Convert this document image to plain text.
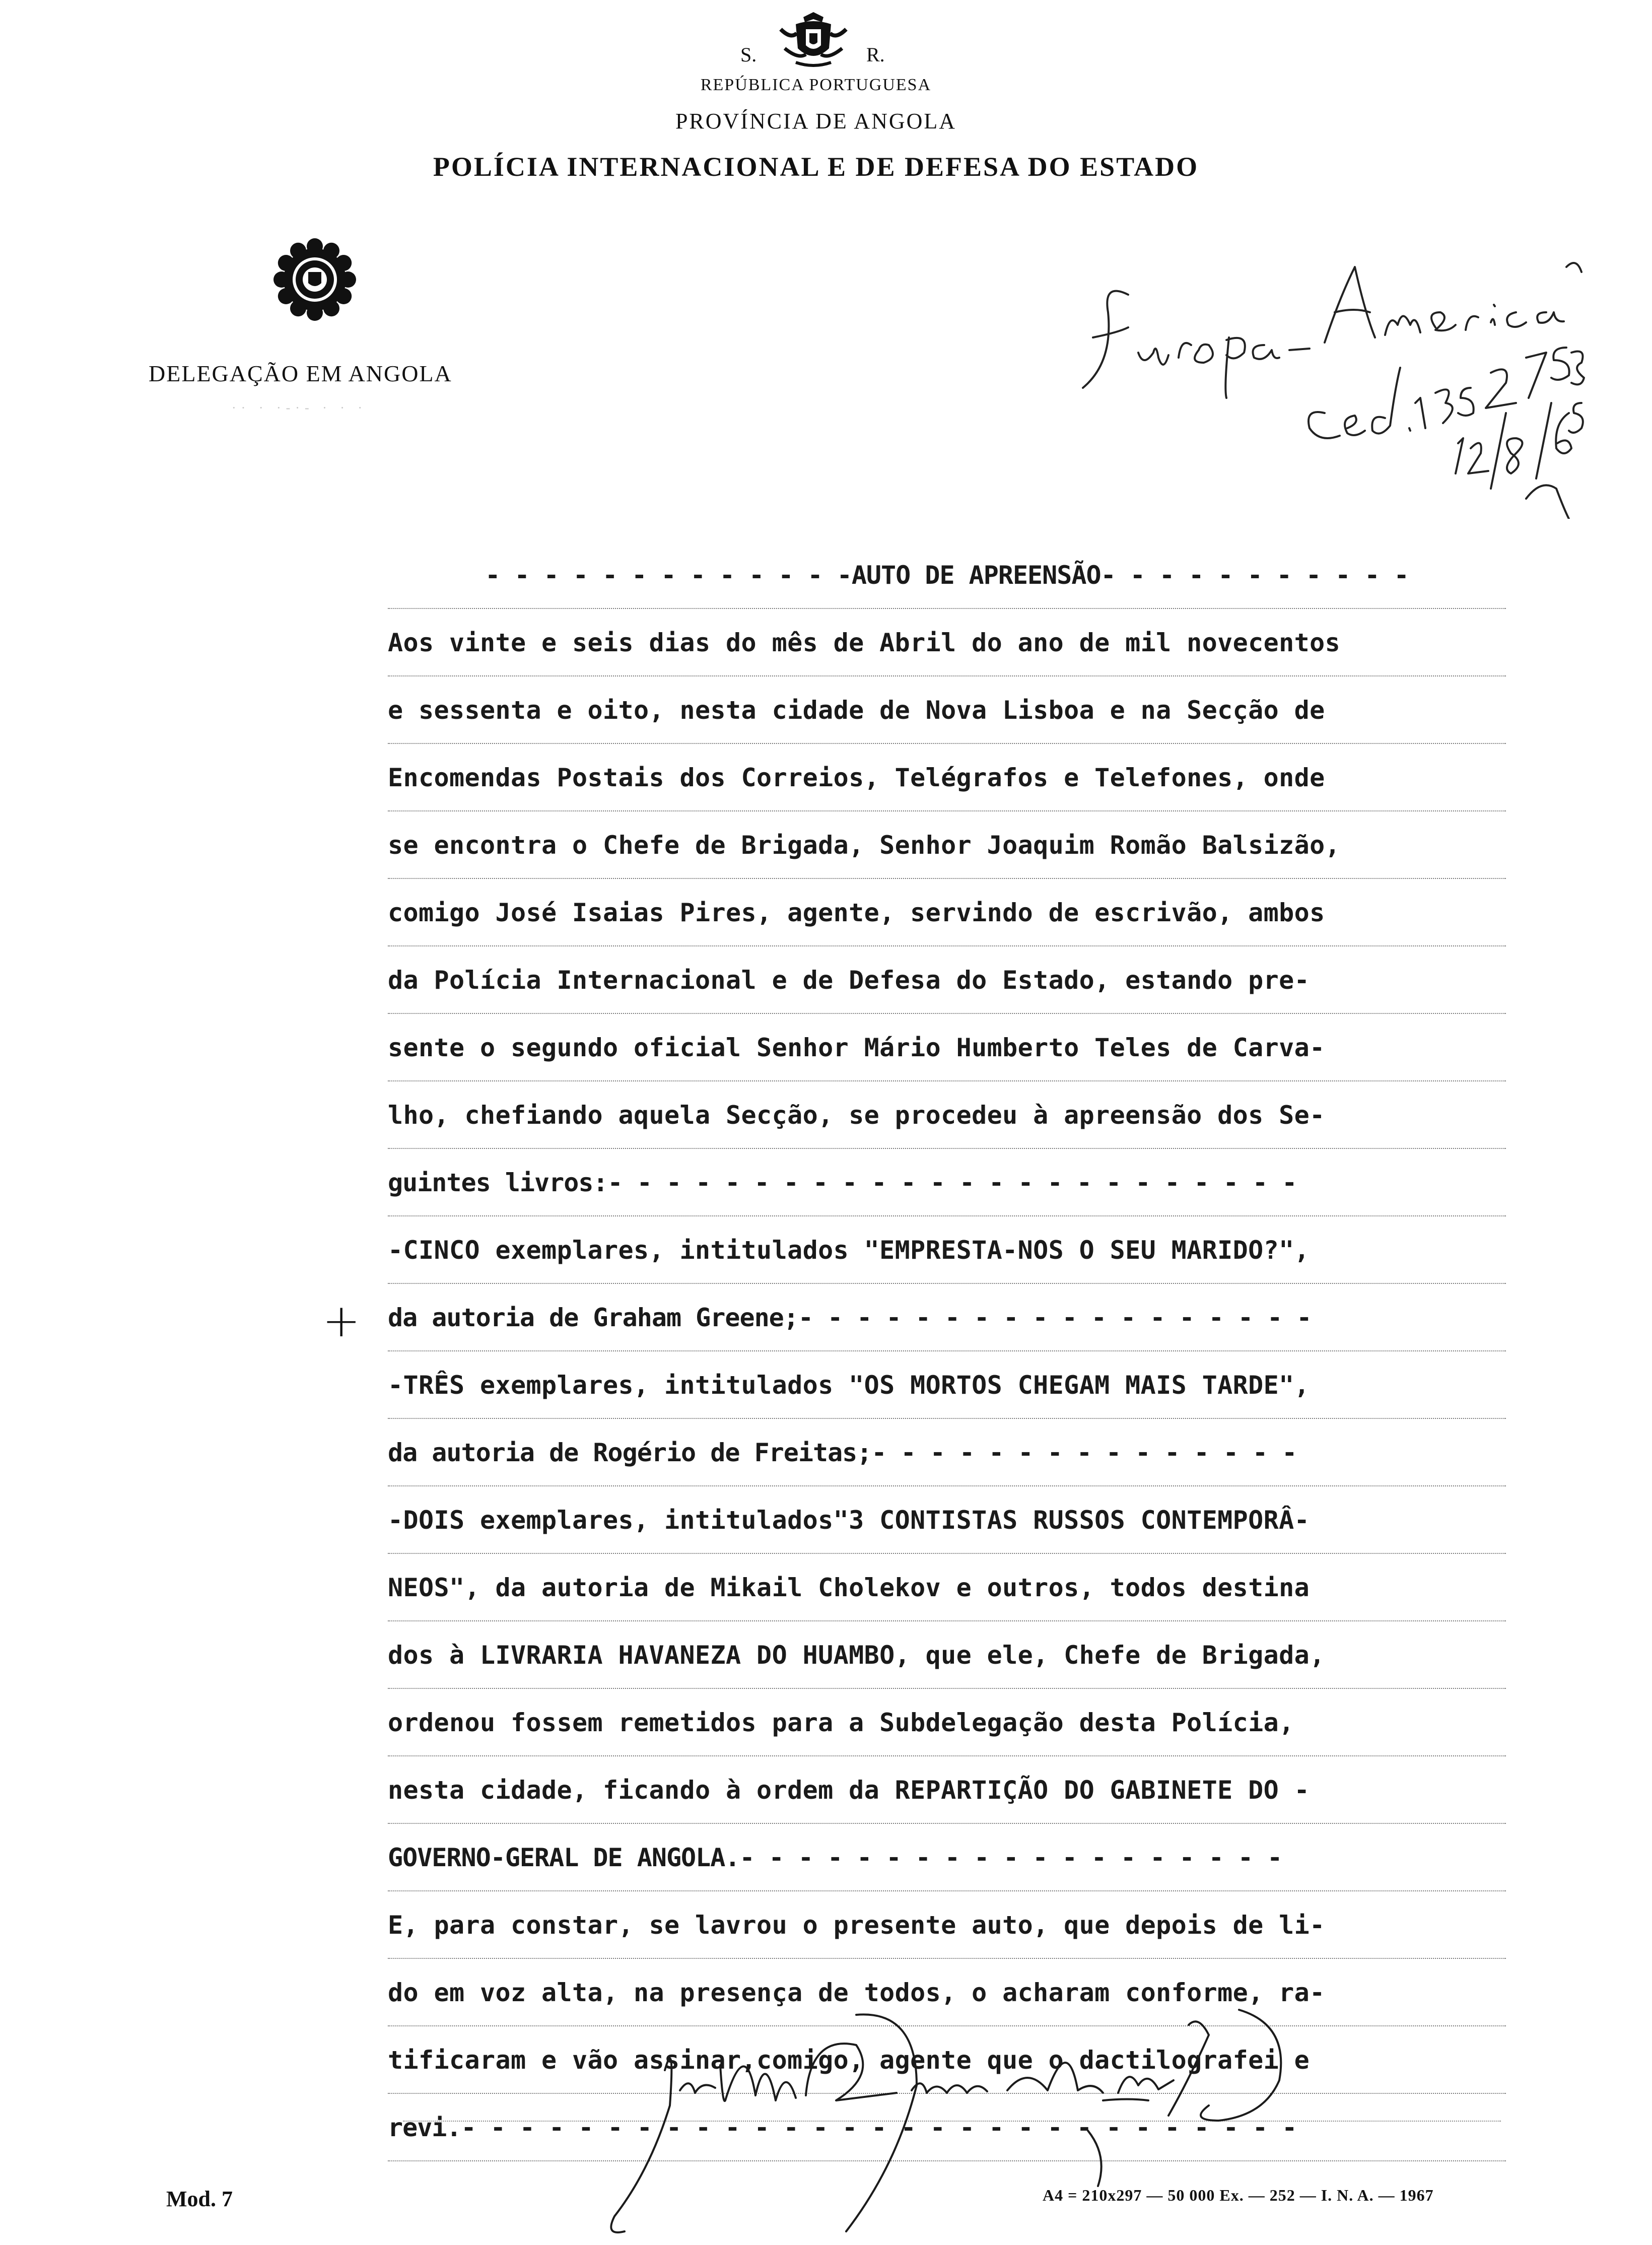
S.	R.
REPÚBLICA PORTUGUESA
PROVÍNCIA DE ANGOLA
POLÍCIA INTERNACIONAL E DE DEFESA DO ESTADO
DELEGAÇÃO EM ANGOLA
·· · ·-·- · · ·
- - - - - - - - - - - - -AUTO DE APREENSÃO- - - - - - - - - - -
Aos vinte e seis dias do mês de Abril do ano de mil novecentos
e sessenta e oito, nesta cidade de Nova Lisboa e na Secção de
Encomendas Postais dos Correios, Telégrafos e Telefones, onde
se encontra o Chefe de Brigada, Senhor Joaquim Romão Balsizão,
comigo José Isaias Pires, agente, servindo de escrivão, ambos
da Polícia Internacional e de Defesa do Estado, estando pre-
sente o segundo oficial Senhor Mário Humberto Teles de Carva-
lho, chefiando aquela Secção, se procedeu à apreensão dos Se-
guintes livros:- - - - - - - - - - - - - - - - - - - - - - - -
-CINCO exemplares, intitulados "EMPRESTA-NOS O SEU MARIDO?",
da autoria de Graham Greene;- - - - - - - - - - - - - - - - - -
-TRÊS exemplares, intitulados "OS MORTOS CHEGAM MAIS TARDE",
da autoria de Rogério de Freitas;- - - - - - - - - - - - - - -
-DOIS exemplares, intitulados"3 CONTISTAS RUSSOS CONTEMPORÂ-
NEOS", da autoria de Mikail Cholekov e outros, todos destina
dos à LIVRARIA HAVANEZA DO HUAMBO, que ele, Chefe de Brigada,
ordenou fossem remetidos para a Subdelegação desta Polícia,
nesta cidade, ficando à ordem da REPARTIÇÃO DO GABINETE DO -
GOVERNO-GERAL DE ANGOLA.- - - - - - - - - - - - - - - - - - -
E, para constar, se lavrou o presente auto, que depois de li-
do em voz alta, na presença de todos, o acharam conforme, ra-
tificaram e vão assinar,comigo, agente que o dactilografei e
revi.- - - - - - - - - - - - - - - - - - - - - - - - - - - - -
+
Mod. 7	A4 = 210x297 — 50 000 Ex. — 252 — I. N. A. — 1967
